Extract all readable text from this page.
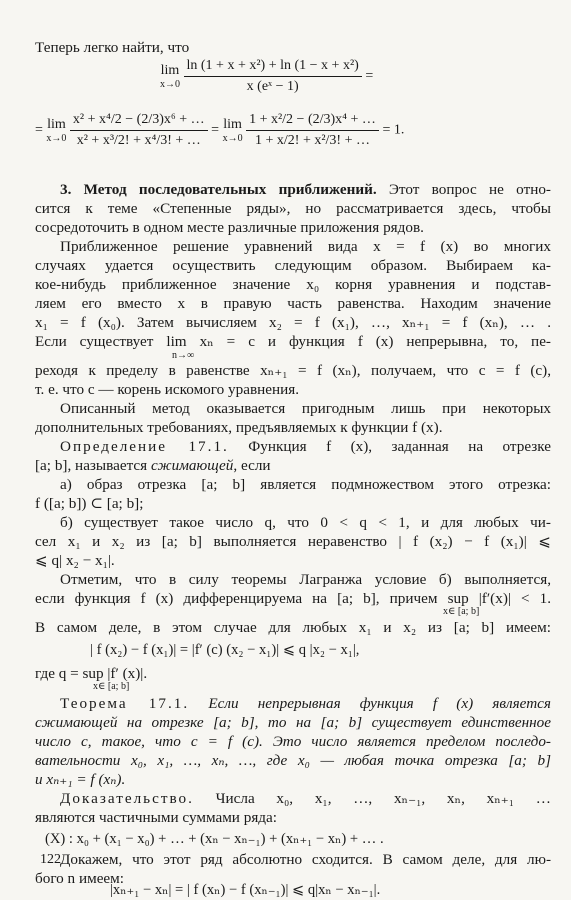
Теперь легко найти, что
lim
x→0
$\frac{\text{ln (1 + x + x²) + ln (1 − x + x²)}}{\text{x (eˣ − 1)}}$ =
= lim
x→0
$\frac{\text{x² + x⁴/2 − (2/3)x⁶ + …}}{\text{x² + x³/2! + x⁴/3! + …}} = \lim$
x→0
$\frac{\text{1 + x²/2 − (2/3)x⁴ + …}}{\text{1 + x/2! + x²/3! + …}} = 1$.
3. Метод последовательных приближений. Этот вопрос не отно-
сится к теме «Степенные ряды», но рассматривается здесь, чтобы
сосредоточить в одном месте различные приложения рядов.
Приближенное решение уравнений вида x = f (x) во многих
случаях удается осуществить следующим образом. Выбираем ка-
кое-нибудь приближенное значение x₀ корня уравнения и подстав-
ляем его вместо x в правую часть равенства. Находим значение
x₁ = f (x₀). Затем вычисляем x₂ = f (x₁), …, xₙ₊₁ = f (xₙ), … .
Если существует lim xₙ = c и функция f (x) непрерывна, то, пе-
n→∞
реходя к пределу в равенстве xₙ₊₁ = f (xₙ), получаем, что c = f (c),
т. е. что c — корень искомого уравнения.
Описанный метод оказывается пригодным лишь при некоторых
дополнительных требованиях, предъявляемых к функции f (x).
Определение 17.1. Функция f (x), заданная на отрезке
[a; b], называется сжимающей, если
а) образ отрезка [a; b] является подмножеством этого отрезка:
f ([a; b]) ⊂ [a; b];
б) существует такое число q, что 0 < q < 1, и для любых чи-
сел x₁ и x₂ из [a; b] выполняется неравенство | f (x₂) − f (x₁)| ⩽
⩽ q| x₂ − x₁|.
Отметим, что в силу теоремы Лагранжа условие б) выполняется,
если функция f (x) дифференцируема на [a; b], причем sup |f′(x)| < 1.
x∈ [a; b]
В самом деле, в этом случае для любых x₁ и x₂ из [a; b] имеем:
| f (x₂) − f (x₁)| = |f′ (c) (x₂ − x₁)| ⩽ q |x₂ − x₁|,
где q = sup |f′ (x)|.
x∈ [a; b]
Теорема 17.1. Если непрерывная функция f (x) является
сжимающей на отрезке [a; b], то на [a; b] существует единственное
число c, такое, что c = f (c). Это число является пределом последо-
вательности x₀, x₁, …, xₙ, …, где x₀ — любая точка отрезка [a; b]
и xₙ₊₁ = f (xₙ).
Доказательство. Числа x₀, x₁, …, xₙ₋₁, xₙ, xₙ₊₁ …
являются частичными суммами ряда:
(X) : x₀ + (x₁ − x₀) + … + (xₙ − xₙ₋₁) + (xₙ₊₁ − xₙ) + … .
Докажем, что этот ряд абсолютно сходится. В самом деле, для лю-
бого n имеем:
|xₙ₊₁ − xₙ| = | f (xₙ) − f (xₙ₋₁)| ⩽ q|xₙ − xₙ₋₁|.
122
